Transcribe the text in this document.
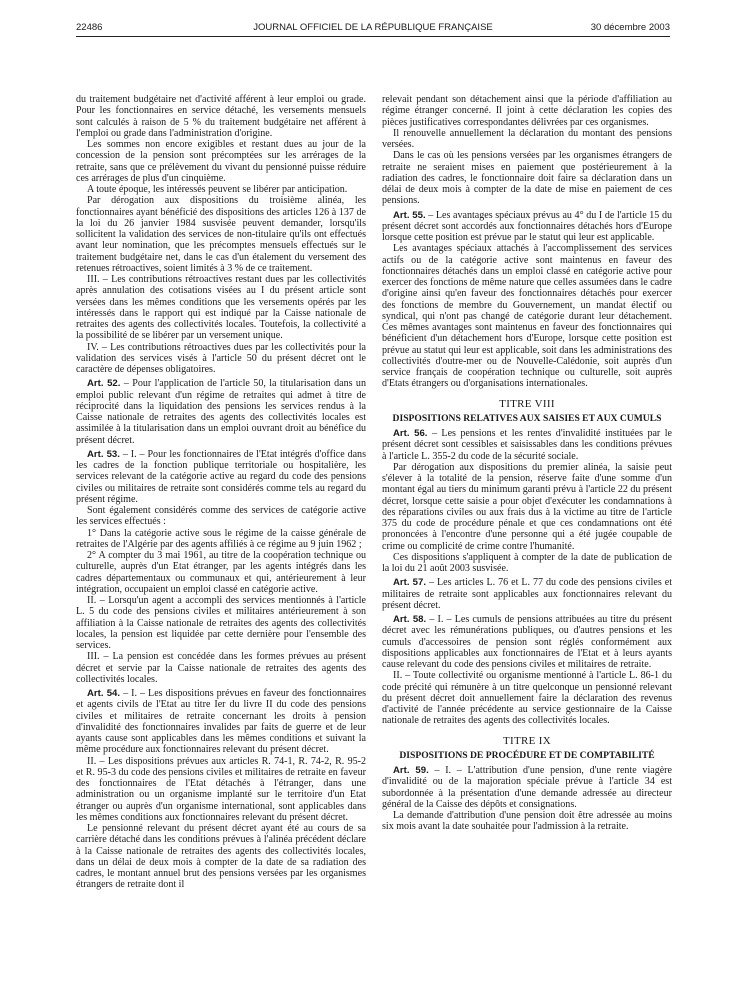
22486	JOURNAL OFFICIEL DE LA RÉPUBLIQUE FRANÇAISE	30 décembre 2003

du traitement budgétaire net d'activité afférent à leur emploi ou grade. Pour les fonctionnaires en service détaché, les versements mensuels sont calculés à raison de 5 % du traitement budgétaire net afférent à l'emploi ou grade dans l'administration d'origine.

Les sommes non encore exigibles et restant dues au jour de la concession de la pension sont précomptées sur les arrérages de la retraite, sans que ce prélèvement du vivant du pensionné puisse réduire ces arrérages de plus d'un cinquième.

A toute époque, les intéressés peuvent se libérer par anticipation.

Par dérogation aux dispositions du troisième alinéa, les fonctionnaires ayant bénéficié des dispositions des articles 126 à 137 de la loi du 26 janvier 1984 susvisée peuvent demander, lorsqu'ils sollicitent la validation des services de non-titulaire qu'ils ont effectués avant leur nomination, que les précomptes mensuels effectués sur le traitement budgétaire net, dans le cas d'un étalement du versement des retenues rétroactives, soient limités à 3 % de ce traitement.

III. – Les contributions rétroactives restant dues par les collectivités après annulation des cotisations visées au I du présent article sont versées dans les mêmes conditions que les versements opérés par les intéressés dans le rapport qui est indiqué par la Caisse nationale de retraites des agents des collectivités locales. Toutefois, la collectivité a la possibilité de se libérer par un versement unique.

IV. – Les contributions rétroactives dues par les collectivités pour la validation des services visés à l'article 50 du présent décret ont le caractère de dépenses obligatoires.

Art. 52. – Pour l'application de l'article 50, la titularisation dans un emploi public relevant d'un régime de retraites qui admet à titre de réciprocité dans la liquidation des pensions les services rendus à la Caisse nationale de retraites des agents des collectivités locales est assimilée à la titularisation dans un emploi ouvrant droit au bénéfice du présent décret.

Art. 53. – I. – Pour les fonctionnaires de l'Etat intégrés d'office dans les cadres de la fonction publique territoriale ou hospitalière, les services relevant de la catégorie active au regard du code des pensions civiles ou militaires de retraite sont considérés comme tels au regard du présent régime.

Sont également considérés comme des services de catégorie active les services effectués :

1° Dans la catégorie active sous le régime de la caisse générale de retraites de l'Algérie par des agents affiliés à ce régime au 9 juin 1962 ;

2° A compter du 3 mai 1961, au titre de la coopération technique ou culturelle, auprès d'un Etat étranger, par les agents intégrés dans les cadres départementaux ou communaux et qui, antérieurement à leur intégration, occupaient un emploi classé en catégorie active.

II. – Lorsqu'un agent a accompli des services mentionnés à l'article L. 5 du code des pensions civiles et militaires antérieurement à son affiliation à la Caisse nationale de retraites des agents des collectivités locales, la pension est liquidée par cette dernière pour l'ensemble des services.

III. – La pension est concédée dans les formes prévues au présent décret et servie par la Caisse nationale de retraites des agents des collectivités locales.

Art. 54. – I. – Les dispositions prévues en faveur des fonctionnaires et agents civils de l'Etat au titre Ier du livre II du code des pensions civiles et militaires de retraite concernant les droits à pension d'invalidité des fonctionnaires invalides par faits de guerre et de leur ayants cause sont applicables dans les mêmes conditions et suivant la même procédure aux fonctionnaires relevant du présent décret.

II. – Les dispositions prévues aux articles R. 74-1, R. 74-2, R. 95-2 et R. 95-3 du code des pensions civiles et militaires de retraite en faveur des fonctionnaires de l'Etat détachés à l'étranger, dans une administration ou un organisme implanté sur le territoire d'un Etat étranger ou auprès d'un organisme international, sont applicables dans les mêmes conditions aux fonctionnaires relevant du présent décret.

Le pensionné relevant du présent décret ayant été au cours de sa carrière détaché dans les conditions prévues à l'alinéa précédent déclare à la Caisse nationale de retraites des agents des collectivités locales, dans un délai de deux mois à compter de la date de sa radiation des cadres, le montant annuel brut des pensions versées par les organismes étrangers de retraite dont il

relevait pendant son détachement ainsi que la période d'affiliation au régime étranger concerné. Il joint à cette déclaration les copies des pièces justificatives correspondantes délivrées par ces organismes.

Il renouvelle annuellement la déclaration du montant des pensions versées.

Dans le cas où les pensions versées par les organismes étrangers de retraite ne seraient mises en paiement que postérieurement à la radiation des cadres, le fonctionnaire doit faire sa déclaration dans un délai de deux mois à compter de la date de mise en paiement de ces pensions.

Art. 55. – Les avantages spéciaux prévus au 4° du I de l'article 15 du présent décret sont accordés aux fonctionnaires détachés hors d'Europe lorsque cette position est prévue par le statut qui leur est applicable.

Les avantages spéciaux attachés à l'accomplissement des services actifs ou de la catégorie active sont maintenus en faveur des fonctionnaires détachés dans un emploi classé en catégorie active pour exercer des fonctions de même nature que celles assumées dans le cadre d'origine ainsi qu'en faveur des fonctionnaires détachés pour exercer des fonctions de membre du Gouvernement, un mandat électif ou syndical, qui n'ont pas changé de catégorie durant leur détachement. Ces mêmes avantages sont maintenus en faveur des fonctionnaires qui bénéficient d'un détachement hors d'Europe, lorsque cette position est prévue au statut qui leur est applicable, soit dans les administrations des collectivités d'outre-mer ou de Nouvelle-Calédonie, soit auprès d'un service français de coopération technique ou culturelle, soit auprès d'Etats étrangers ou d'organisations internationales.

TITRE VIII

DISPOSITIONS RELATIVES AUX SAISIES ET AUX CUMULS

Art. 56. – Les pensions et les rentes d'invalidité instituées par le présent décret sont cessibles et saisissables dans les conditions prévues à l'article L. 355-2 du code de la sécurité sociale.

Par dérogation aux dispositions du premier alinéa, la saisie peut s'élever à la totalité de la pension, réserve faite d'une somme d'un montant égal au tiers du minimum garanti prévu à l'article 22 du présent décret, lorsque cette saisie a pour objet d'exécuter les condamnations à des réparations civiles ou aux frais dus à la victime au titre de l'article 375 du code de procédure pénale et que ces condamnations ont été prononcées à l'encontre d'une personne qui a été jugée coupable de crime ou complicité de crime contre l'humanité.

Ces dispositions s'appliquent à compter de la date de publication de la loi du 21 août 2003 susvisée.

Art. 57. – Les articles L. 76 et L. 77 du code des pensions civiles et militaires de retraite sont applicables aux fonctionnaires relevant du présent décret.

Art. 58. – I. – Les cumuls de pensions attribuées au titre du présent décret avec les rémunérations publiques, ou d'autres pensions et les cumuls d'accessoires de pension sont réglés conformément aux dispositions applicables aux fonctionnaires de l'Etat et à leurs ayants cause relevant du code des pensions civiles et militaires de retraite.

II. – Toute collectivité ou organisme mentionné à l'article L. 86-1 du code précité qui rémunère à un titre quelconque un pensionné relevant du présent décret doit annuellement faire la déclaration des revenus d'activité de l'année précédente au service gestionnaire de la Caisse nationale de retraites des agents des collectivités locales.

TITRE IX

DISPOSITIONS DE PROCÉDURE ET DE COMPTABILITÉ

Art. 59. – I. – L'attribution d'une pension, d'une rente viagère d'invalidité ou de la majoration spéciale prévue à l'article 34 est subordonnée à la présentation d'une demande adressée au directeur général de la Caisse des dépôts et consignations.

La demande d'attribution d'une pension doit être adressée au moins six mois avant la date souhaitée pour l'admission à la retraite.
